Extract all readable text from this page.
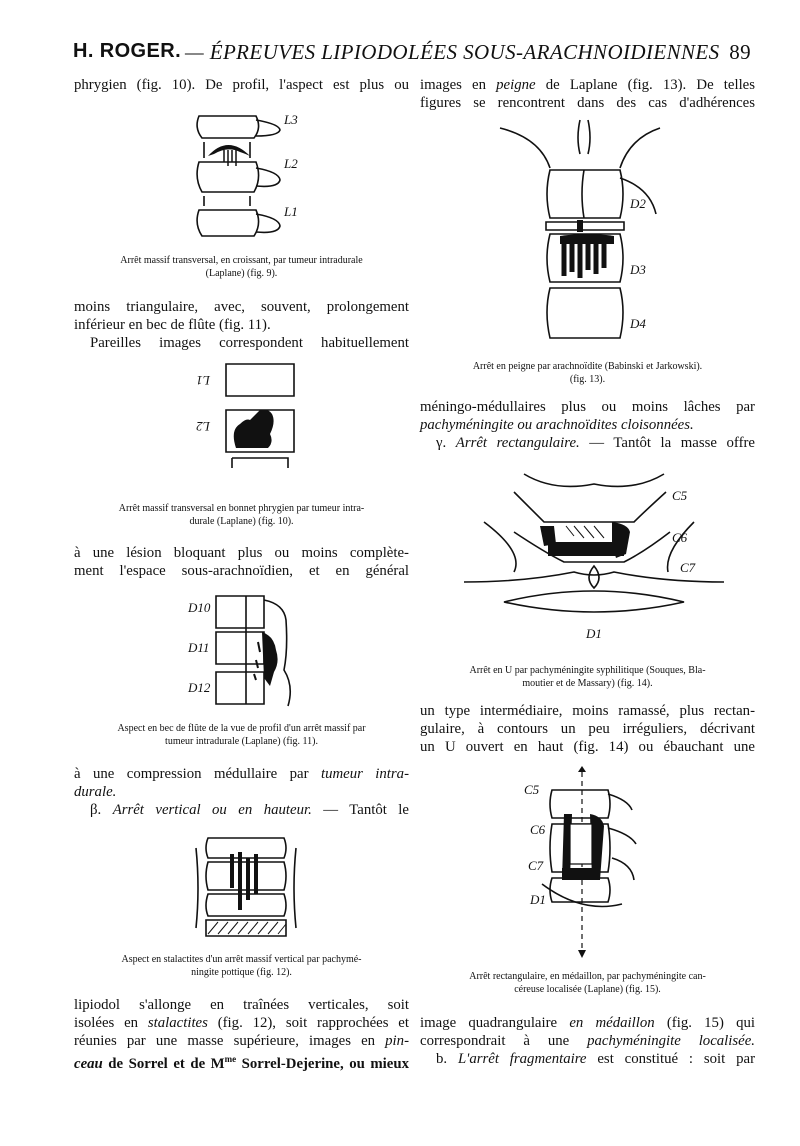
H. ROGER. — ÉPREUVES LIPIODOLÉES SOUS-ARACHNOIDIENNES 89
phrygien (fig. 10). De profil, l'aspect est plus ou
L3
L2
L1
Arrêt massif transversal, en croissant, par tumeur intradurale
(Laplane) (fig. 9).
moins triangulaire, avec, souvent, prolongement
inférieur en bec de flûte (fig. 11).
Pareilles images correspondent habituellement
L1
L2
Arrêt massif transversal en bonnet phrygien par tumeur intra-
durale (Laplane) (fig. 10).
à une lésion bloquant plus ou moins complète-
ment l'espace sous-arachnoïdien, et en général
D10
D11
D12
Aspect en bec de flûte de la vue de profil d'un arrêt massif par
tumeur intradurale (Laplane) (fig. 11).
à une compression médullaire par tumeur intra-
durale.
β. Arrêt vertical ou en hauteur. — Tantôt le
Aspect en stalactites d'un arrêt massif vertical par pachymé-
ningite pottique (fig. 12).
lipiodol s'allonge en traînées verticales, soit
isolées en stalactites (fig. 12), soit rapprochées et
réunies par une masse supérieure, images en pin-
ceau de Sorrel et de $M^{me}$ Sorrel-Dejerine, ou mieux
images en peigne de Laplane (fig. 13). De telles
figures se rencontrent dans des cas d'adhérences
D2
D3
D4
Arrêt en peigne par arachnoïdite (Babinski et Jarkowski).
(fig. 13).
méningo-médullaires plus ou moins lâches par
pachyméningite ou arachnoïdites cloisonnées.
γ. Arrêt rectangulaire. — Tantôt la masse offre
C5
C6
C7
D1
Arrêt en U par pachyméningite syphilitique (Souques, Bla-
moutier et de Massary) (fig. 14).
un type intermédiaire, moins ramassé, plus rectan-
gulaire, à contours un peu irréguliers, décrivant
un U ouvert en haut (fig. 14) ou ébauchant une
C5
C6
C7
D1
Arrêt rectangulaire, en médaillon, par pachyméningite can-
céreuse localisée (Laplane) (fig. 15).
image quadrangulaire en médaillon (fig. 15) qui
correspondrait à une pachyméningite localisée.
b. L'arrêt fragmentaire est constitué : soit par
